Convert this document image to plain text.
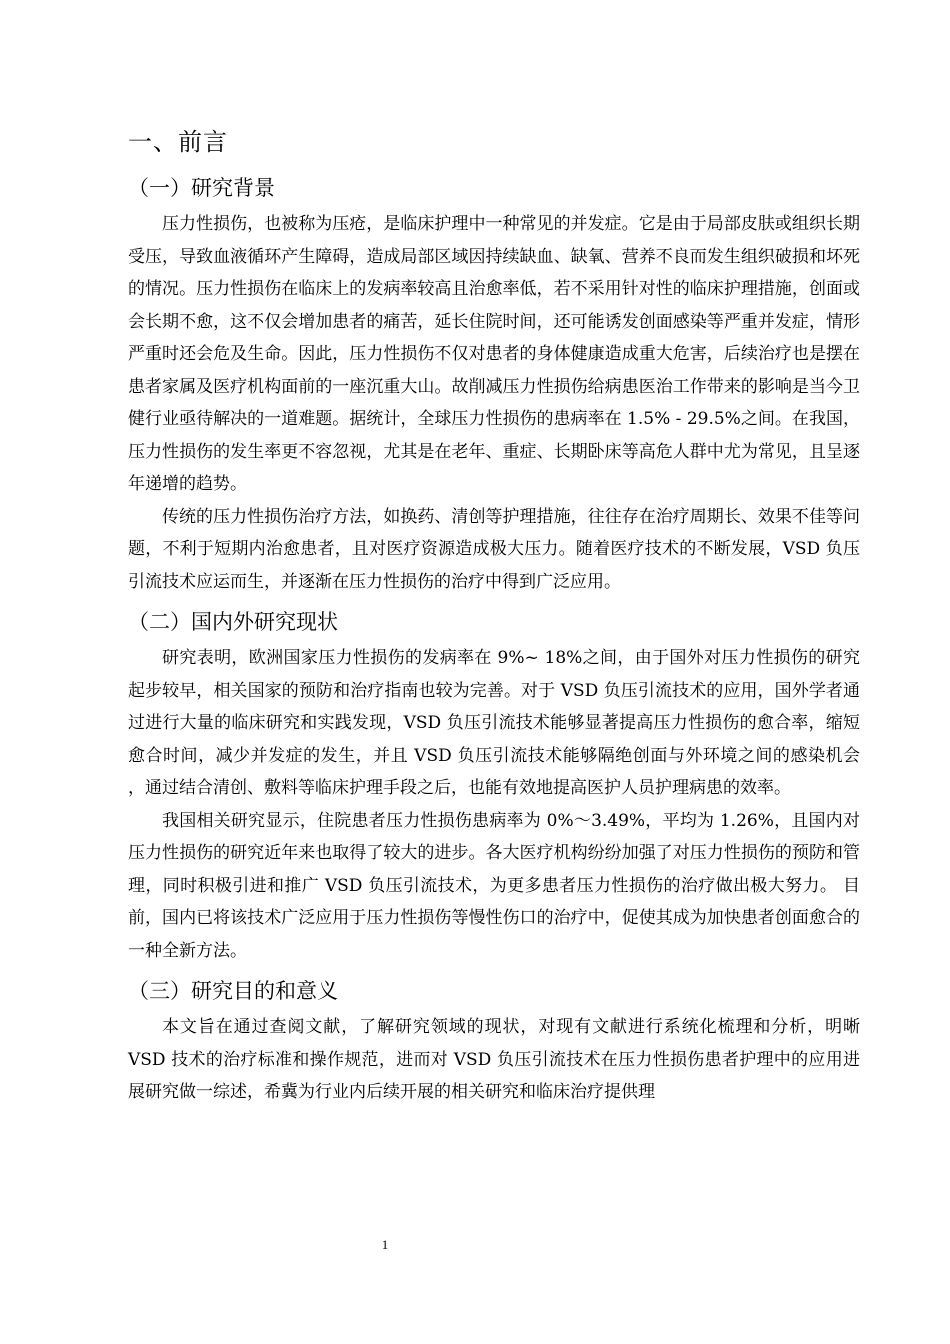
一、前言
（一）研究背景

压力性损伤，也被称为压疮，是临床护理中一种常见的并发症。它是由于局部皮肤或组织长期受压，导致血液循环产生障碍，造成局部区域因持续缺血、缺氧、营养不良而发生组织破损和坏死的情况。压力性损伤在临床上的发病率较高且治愈率低，若不采用针对性的临床护理措施，创面或会长期不愈，这不仅会增加患者的痛苦，延长住院时间，还可能诱发创面感染等严重并发症，情形严重时还会危及生命。因此，压力性损伤不仅对患者的身体健康造成重大危害，后续治疗也是摆在患者家属及医疗机构面前的一座沉重大山。故削减压力性损伤给病患医治工作带来的影响是当今卫健行业亟待解决的一道难题。据统计，全球压力性损伤的患病率在 1.5% - 29.5%之间。在我国，压力性损伤的发生率更不容忽视，尤其是在老年、重症、长期卧床等高危人群中尤为常见，且呈逐年递增的趋势。

传统的压力性损伤治疗方法，如换药、清创等护理措施，往往存在治疗周期长、效果不佳等问题，不利于短期内治愈患者，且对医疗资源造成极大压力。随着医疗技术的不断发展，VSD 负压引流技术应运而生，并逐渐在压力性损伤的治疗中得到广泛应用。

（二）国内外研究现状

研究表明，欧洲国家压力性损伤的发病率在 9%~ 18%之间，由于国外对压力性损伤的研究起步较早，相关国家的预防和治疗指南也较为完善。对于 VSD 负压引流技术的应用，国外学者通过进行大量的临床研究和实践发现，VSD 负压引流技术能够显著提高压力性损伤的愈合率，缩短愈合时间，减少并发症的发生，并且 VSD 负压引流技术能够隔绝创面与外环境之间的感染机会 ，通过结合清创、敷料等临床护理手段之后，也能有效地提高医护人员护理病患的效率。

我国相关研究显示，住院患者压力性损伤患病率为 0%～3.49%，平均为 1.26%，且国内对压力性损伤的研究近年来也取得了较大的进步。各大医疗机构纷纷加强了对压力性损伤的预防和管理，同时积极引进和推广 VSD 负压引流技术，为更多患者压力性损伤的治疗做出极大努力。 目前，国内已将该技术广泛应用于压力性损伤等慢性伤口的治疗中，促使其成为加快患者创面愈合的一种全新方法。

（三）研究目的和意义

本文旨在通过查阅文献，了解研究领域的现状，对现有文献进行系统化梳理和分析，明晰 VSD 技术的治疗标准和操作规范，进而对 VSD 负压引流技术在压力性损伤患者护理中的应用进展研究做一综述，希冀为行业内后续开展的相关研究和临床治疗提供理

1
